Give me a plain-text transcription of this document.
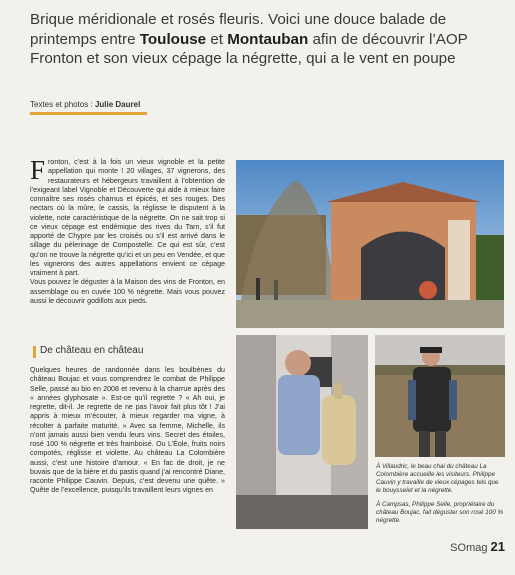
Brique méridionale et rosés fleuris. Voici une douce balade de printemps entre Toulouse et Montauban afin de découvrir l’AOP Fronton et son vieux cépage la négrette, qui a le vent en poupe
Textes et photos : Julie Daurel

Fronton, c’est à la fois un vieux vignoble et la petite appellation qui monte ! 20 villages, 37 vignerons, des restaurateurs et hébergeurs travaillent à l’obtention de l’exigeant label Vignoble et Découverte qui aide à mieux faire connaître ses rosés charnus et épicés, et ses rouges. Des nectars où la mûre, le cassis, la réglisse le disputent à la violette, note caractéristique de la négrette. On ne sait trop si ce vieux cépage est endémique des rives du Tarn, s’il fut apporté de Chypre par les croisés ou s’il est arrivé dans le sillage du pèlerinage de Compostelle. Ce qui est sûr, c’est qu’on ne trouve la négrette qu’ici et un peu en Vendée, et que les vignerons des autres appellations envient ce cépage vraiment à part.

Vous pouvez le déguster à la Maison des vins de Fronton, en assemblage ou en cuvée 100 % négrette. Mais vous pouvez aussi le découvrir godillots aux pieds.

De château en château

Quelques heures de randonnée dans les boulbènes du château Boujac et vous comprendrez le combat de Philippe Selle, passé au bio en 2008 et revenu à la charrue après des « années glyphosate ». Est-ce qu’il regrette ? « Ah oui, je regrette, dit-il. Je regrette de ne pas l’avoir fait plus tôt ! J’ai appris à mieux m’écouter, à mieux regarder ma vigne, à récolter à parfaite maturité. » Avec sa femme, Michelle, ils n’ont jamais aussi bien vendu leurs vins. Secret des étoiles, rosé 100 % négrette et très framboisé. Ou L’Éole, fruits noirs compotés, réglisse et violette. Au château La Colombière aussi, c’est une histoire d’amour. « En fac de droit, je ne buvais que de la bière et du pastis quand j’ai rencontré Diane, raconte Philippe Cauvin. Depuis, c’est devenu une quête. » Quête de l’excellence, puisqu’ils travaillent leurs vignes en

À Villaudric, le beau chai du château La Colombière accueille les visiteurs. Philippe Cauvin y travaille de vieux cépages tels que le bouysselet et la négrette.

À Campsas, Philippe Selle, propriétaire du château Boujac, fait déguster son rosé 100 % négrette.

SOmag 21
